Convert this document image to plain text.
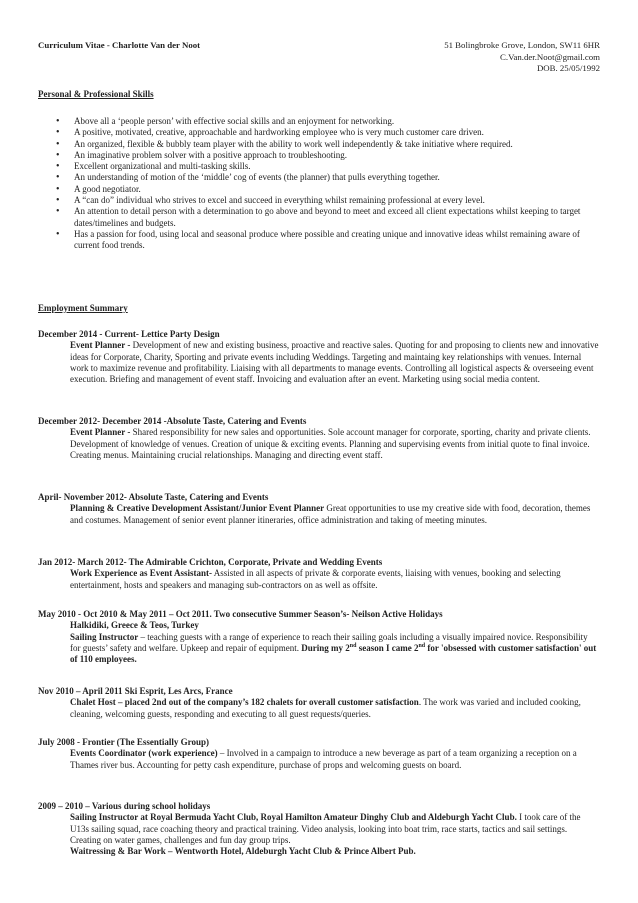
Curriculum Vitae - Charlotte Van der Noot	51 Bolingbroke Grove, London, SW11 6HR
C.Van.der.Noot@gmail.com
DOB. 25/05/1992
Personal & Professional Skills
• Above all a ‘people person’ with effective social skills and an enjoyment for networking.
• A positive, motivated, creative, approachable and hardworking employee who is very much customer care driven.
• An organized, flexible & bubbly team player with the ability to work well independently & take initiative where required.
• An imaginative problem solver with a positive approach to troubleshooting.
• Excellent organizational and multi-tasking skills.
• An understanding of motion of the ‘middle’ cog of events (the planner) that pulls everything together.
• A good negotiator.
• A “can do” individual who strives to excel and succeed in everything whilst remaining professional at every level.
• An attention to detail person with a determination to go above and beyond to meet and exceed all client expectations whilst keeping to target dates/timelines and budgets.
• Has a passion for food, using local and seasonal produce where possible and creating unique and innovative ideas whilst remaining aware of current food trends.
Employment Summary
December 2014 - Current- Lettice Party Design
Event Planner - Development of new and existing business, proactive and reactive sales. Quoting for and proposing to clients new and innovative ideas for Corporate, Charity, Sporting and private events including Weddings. Targeting and maintaing key relationships with venues. Internal work to maximize revenue and profitability. Liaising with all departments to manage events. Controlling all logistical aspects & overseeing event execution. Briefing and management of event staff. Invoicing and evaluation after an event. Marketing using social media content.
December 2012- December 2014 -Absolute Taste, Catering and Events
Event Planner - Shared responsibility for new sales and opportunities. Sole account manager for corporate, sporting, charity and private clients. Development of knowledge of venues. Creation of unique & exciting events. Planning and supervising events from initial quote to final invoice. Creating menus. Maintaining crucial relationships. Managing and directing event staff.
April- November 2012- Absolute Taste, Catering and Events
Planning & Creative Development Assistant/Junior Event Planner Great opportunities to use my creative side with food, decoration, themes and costumes. Management of senior event planner itineraries, office administration and taking of meeting minutes.
Jan 2012- March 2012- The Admirable Crichton, Corporate, Private and Wedding Events
Work Experience as Event Assistant- Assisted in all aspects of private & corporate events, liaising with venues, booking and selecting entertainment, hosts and speakers and managing sub-contractors on as well as offsite.
May 2010 - Oct 2010 & May 2011 – Oct 2011. Two consecutive Summer Season’s- Neilson Active Holidays
Halkidiki, Greece & Teos, Turkey
Sailing Instructor – teaching guests with a range of experience to reach their sailing goals including a visually impaired novice. Responsibility for guests’ safety and welfare. Upkeep and repair of equipment. During my 2nd season I came 2nd for 'obsessed with customer satisfaction' out of 110 employees.
Nov 2010 – April 2011 Ski Esprit, Les Arcs, France
Chalet Host – placed 2nd out of the company’s 182 chalets for overall customer satisfaction. The work was varied and included cooking, cleaning, welcoming guests, responding and executing to all guest requests/queries.
July 2008 - Frontier (The Essentially Group)
Events Coordinator (work experience) – Involved in a campaign to introduce a new beverage as part of a team organizing a reception on a Thames river bus. Accounting for petty cash expenditure, purchase of props and welcoming guests on board.
2009 – 2010 – Various during school holidays
Sailing Instructor at Royal Bermuda Yacht Club, Royal Hamilton Amateur Dinghy Club and Aldeburgh Yacht Club. I took care of the U13s sailing squad, race coaching theory and practical training. Video analysis, looking into boat trim, race starts, tactics and sail settings. Creating on water games, challenges and fun day group trips.
Waitressing & Bar Work – Wentworth Hotel, Aldeburgh Yacht Club & Prince Albert Pub.
